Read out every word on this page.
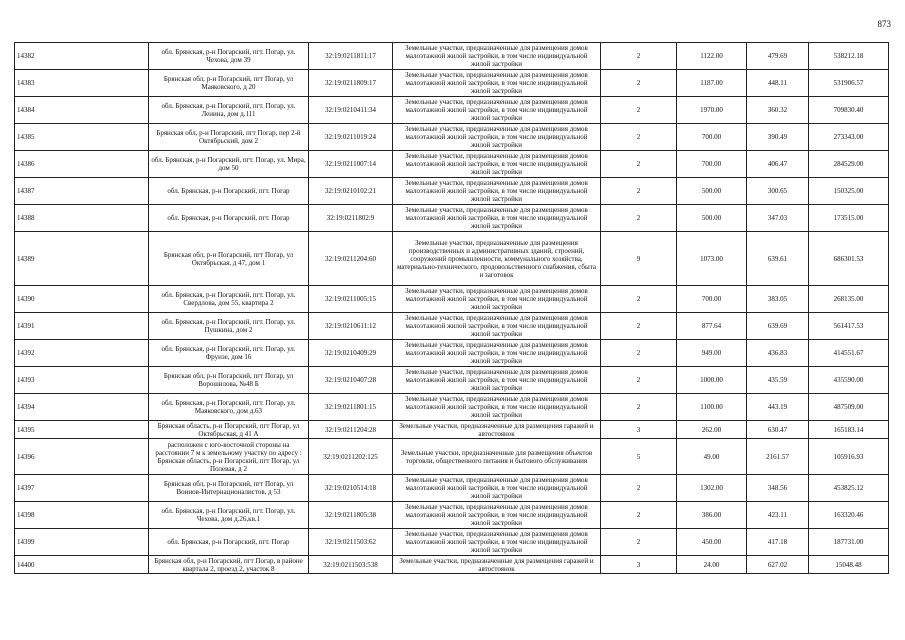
873
14382	обл. Брянская, р-н Погарский, пгт. Погар, ул. Чехова, дом 39	32:19:0211811:17	Земельные участки, предназначенные для размещения домов малоэтажной жилой застройки, в том числе индивидуальной жилой застройки	2	1122.00	479.69	538212.18
14383	Брянская обл, р-н Погарский, пгт Погар, ул Маяковского, д 20	32:19:0211809:17	Земельные участки, предназначенные для размещения домов малоэтажной жилой застройки, в том числе индивидуальной жилой застройки	2	1187.00	448.11	531906.57
14384	обл. Брянская, р-н Погарский, пгт. Погар, ул. Ленина, дом д.111	32:19:0210411:34	Земельные участки, предназначенные для размещения домов малоэтажной жилой застройки, в том числе индивидуальной жилой застройки	2	1970.00	360.32	709830.40
14385	Брянская обл, р-н Погарский, пгт Погар, пер 2-й Октябрьский, дом 2	32:19:0211019:24	Земельные участки, предназначенные для размещения домов малоэтажной жилой застройки, в том числе индивидуальной жилой застройки	2	700.00	390.49	273343.00
14386	обл. Брянская, р-н Погарский, пгт. Погар, ул. Мира, дом 50	32:19:0211007:14	Земельные участки, предназначенные для размещения домов малоэтажной жилой застройки, в том числе индивидуальной жилой застройки	2	700.00	406.47	284529.00
14387	обл. Брянская, р-н Погарский, пгт. Погар	32:19:0210102:21	Земельные участки, предназначенные для размещения домов малоэтажной жилой застройки, в том числе индивидуальной жилой застройки	2	500.00	300.65	150325.00
14388	обл. Брянская, р-н Погарский, пгт. Погар	32:19:0211802:9	Земельные участки, предназначенные для размещения домов малоэтажной жилой застройки, в том числе индивидуальной жилой застройки	2	500.00	347.03	173515.00
14389	Брянская обл, р-н Погарский, пгт Погар, ул Октябрьская, д 47, дом 1	32:19:0211204:60	Земельные участки, предназначенные для размещения производственных и административных зданий, строений, сооружений промышленности, коммунального хозяйства, материально-технического, продовольственного снабжения, сбыта и заготовок	9	1073.00	639.61	686301.53
14390	обл. Брянская, р-н Погарский, пгт. Погар, ул. Свердлова, дом 55, квартира 2	32:19:0211005:15	Земельные участки, предназначенные для размещения домов малоэтажной жилой застройки, в том числе индивидуальной жилой застройки	2	700.00	383.05	268135.00
14391	обл. Брянская, р-н Погарский, пгт. Погар, ул. Пушкина, дом 2	32:19:0210611:12	Земельные участки, предназначенные для размещения домов малоэтажной жилой застройки, в том числе индивидуальной жилой застройки	2	877.64	639.69	561417.53
14392	обл. Брянская, р-н Погарский, пгт. Погар, ул. Фрунзе, дом 16	32:19:0210409:29	Земельные участки, предназначенные для размещения домов малоэтажной жилой застройки, в том числе индивидуальной жилой застройки	2	949.00	436.83	414551.67
14393	Брянская обл, р-н Погарский, пгт Погар, ул Ворошилова, №48 Б	32:19:0210407:28	Земельные участки, предназначенные для размещения домов малоэтажной жилой застройки, в том числе индивидуальной жилой застройки	2	1000.00	435.59	435590.00
14394	обл. Брянская, р-н Погарский, пгт. Погар, ул. Маяковского, дом д.63	32:19:0211801:15	Земельные участки, предназначенные для размещения домов малоэтажной жилой застройки, в том числе индивидуальной жилой застройки	2	1100.00	443.19	487509.00
14395	Брянская область, р-н Погарский, пгт Погар, ул Октябрьская, д 41 А	32:19:0211204:28	Земельные участки, предназначенные для размещения гаражей и автостоянок	3	262.00	630.47	165183.14
14396	расположен с юго-восточной стороны на расстоянии 7 м к земельному участку по адресу : Брянская область, р-н Погарский, пгт Погар, ул Полевая, д 2	32:19:0211202:125	Земельные участки, предназначенные для размещения объектов торговли, общественного питания и бытового обслуживания	5	49.00	2161.57	105916.93
14397	Брянская обл, р-н Погарский, пгт Погар, ул Воинов-Интернационалистов, д 53	32:19:0210514:18	Земельные участки, предназначенные для размещения домов малоэтажной жилой застройки, в том числе индивидуальной жилой застройки	2	1302.00	348.56	453825.12
14398	обл. Брянская, р-н Погарский, пгт. Погар, ул. Чехова, дом д.26,кв.1	32:19:0211805:38	Земельные участки, предназначенные для размещения домов малоэтажной жилой застройки, в том числе индивидуальной жилой застройки	2	386.00	423.11	163320.46
14399	обл. Брянская, р-н Погарский, пгт. Погар	32:19:0211503:62	Земельные участки, предназначенные для размещения домов малоэтажной жилой застройки, в том числе индивидуальной жилой застройки	2	450.00	417.18	187731.00
14400	Брянская обл, р-н Погарский, пгт Погар, в районе квартала 2, проезд 2, участок 8	32:19:0211503:538	Земельные участки, предназначенные для размещения гаражей и автостоянок	3	24.00	627.02	15048.48
